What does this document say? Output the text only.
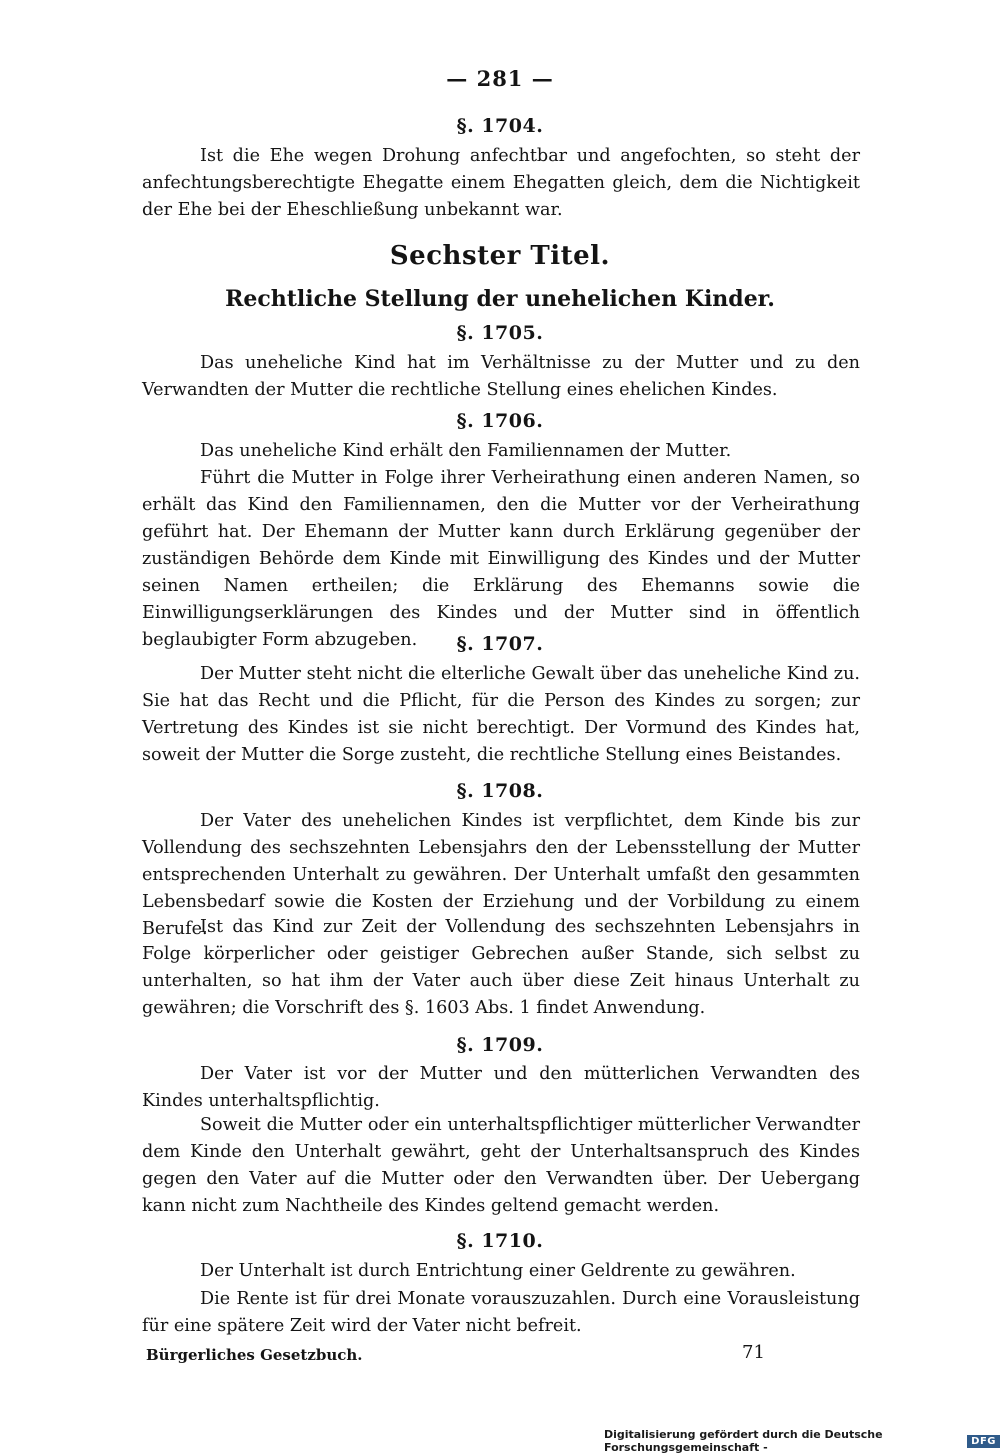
— 281 —
§. 1704.

Ist die Ehe wegen Drohung anfechtbar und angefochten, so steht der anfechtungsberechtigte Ehegatte einem Ehegatten gleich, dem die Nichtigkeit der Ehe bei der Eheschließung unbekannt war.

Sechster Titel.
Rechtliche Stellung der unehelichen Kinder.
§. 1705.

Das uneheliche Kind hat im Verhältnisse zu der Mutter und zu den Verwandten der Mutter die rechtliche Stellung eines ehelichen Kindes.

§. 1706.

Das uneheliche Kind erhält den Familiennamen der Mutter.

Führt die Mutter in Folge ihrer Verheirathung einen anderen Namen, so erhält das Kind den Familiennamen, den die Mutter vor der Verheirathung geführt hat. Der Ehemann der Mutter kann durch Erklärung gegenüber der zuständigen Behörde dem Kinde mit Einwilligung des Kindes und der Mutter seinen Namen ertheilen; die Erklärung des Ehemanns sowie die Einwilligungserklärungen des Kindes und der Mutter sind in öffentlich beglaubigter Form abzugeben.	§. 1707.

Der Mutter steht nicht die elterliche Gewalt über das uneheliche Kind zu. Sie hat das Recht und die Pflicht, für die Person des Kindes zu sorgen; zur Vertretung des Kindes ist sie nicht berechtigt. Der Vormund des Kindes hat, soweit der Mutter die Sorge zusteht, die rechtliche Stellung eines Beistandes.

§. 1708.

Der Vater des unehelichen Kindes ist verpflichtet, dem Kinde bis zur Vollendung des sechszehnten Lebensjahrs den der Lebensstellung der Mutter entsprechenden Unterhalt zu gewähren. Der Unterhalt umfaßt den gesammten Lebensbedarf sowie die Kosten der Erziehung und der Vorbildung zu einem Berufe.

Ist das Kind zur Zeit der Vollendung des sechszehnten Lebensjahrs in Folge körperlicher oder geistiger Gebrechen außer Stande, sich selbst zu unterhalten, so hat ihm der Vater auch über diese Zeit hinaus Unterhalt zu gewähren; die Vorschrift des §. 1603 Abs. 1 findet Anwendung.

§. 1709.

Der Vater ist vor der Mutter und den mütterlichen Verwandten des Kindes unterhaltspflichtig.

Soweit die Mutter oder ein unterhaltspflichtiger mütterlicher Verwandter dem Kinde den Unterhalt gewährt, geht der Unterhaltsanspruch des Kindes gegen den Vater auf die Mutter oder den Verwandten über. Der Uebergang kann nicht zum Nachtheile des Kindes geltend gemacht werden.

§. 1710.

Der Unterhalt ist durch Entrichtung einer Geldrente zu gewähren.

Die Rente ist für drei Monate vorauszuzahlen. Durch eine Vorausleistung für eine spätere Zeit wird der Vater nicht befreit.

Bürgerliches Gesetzbuch.	71
Digitalisierung gefördert durch die Deutsche Forschungsgemeinschaft -	DFG
